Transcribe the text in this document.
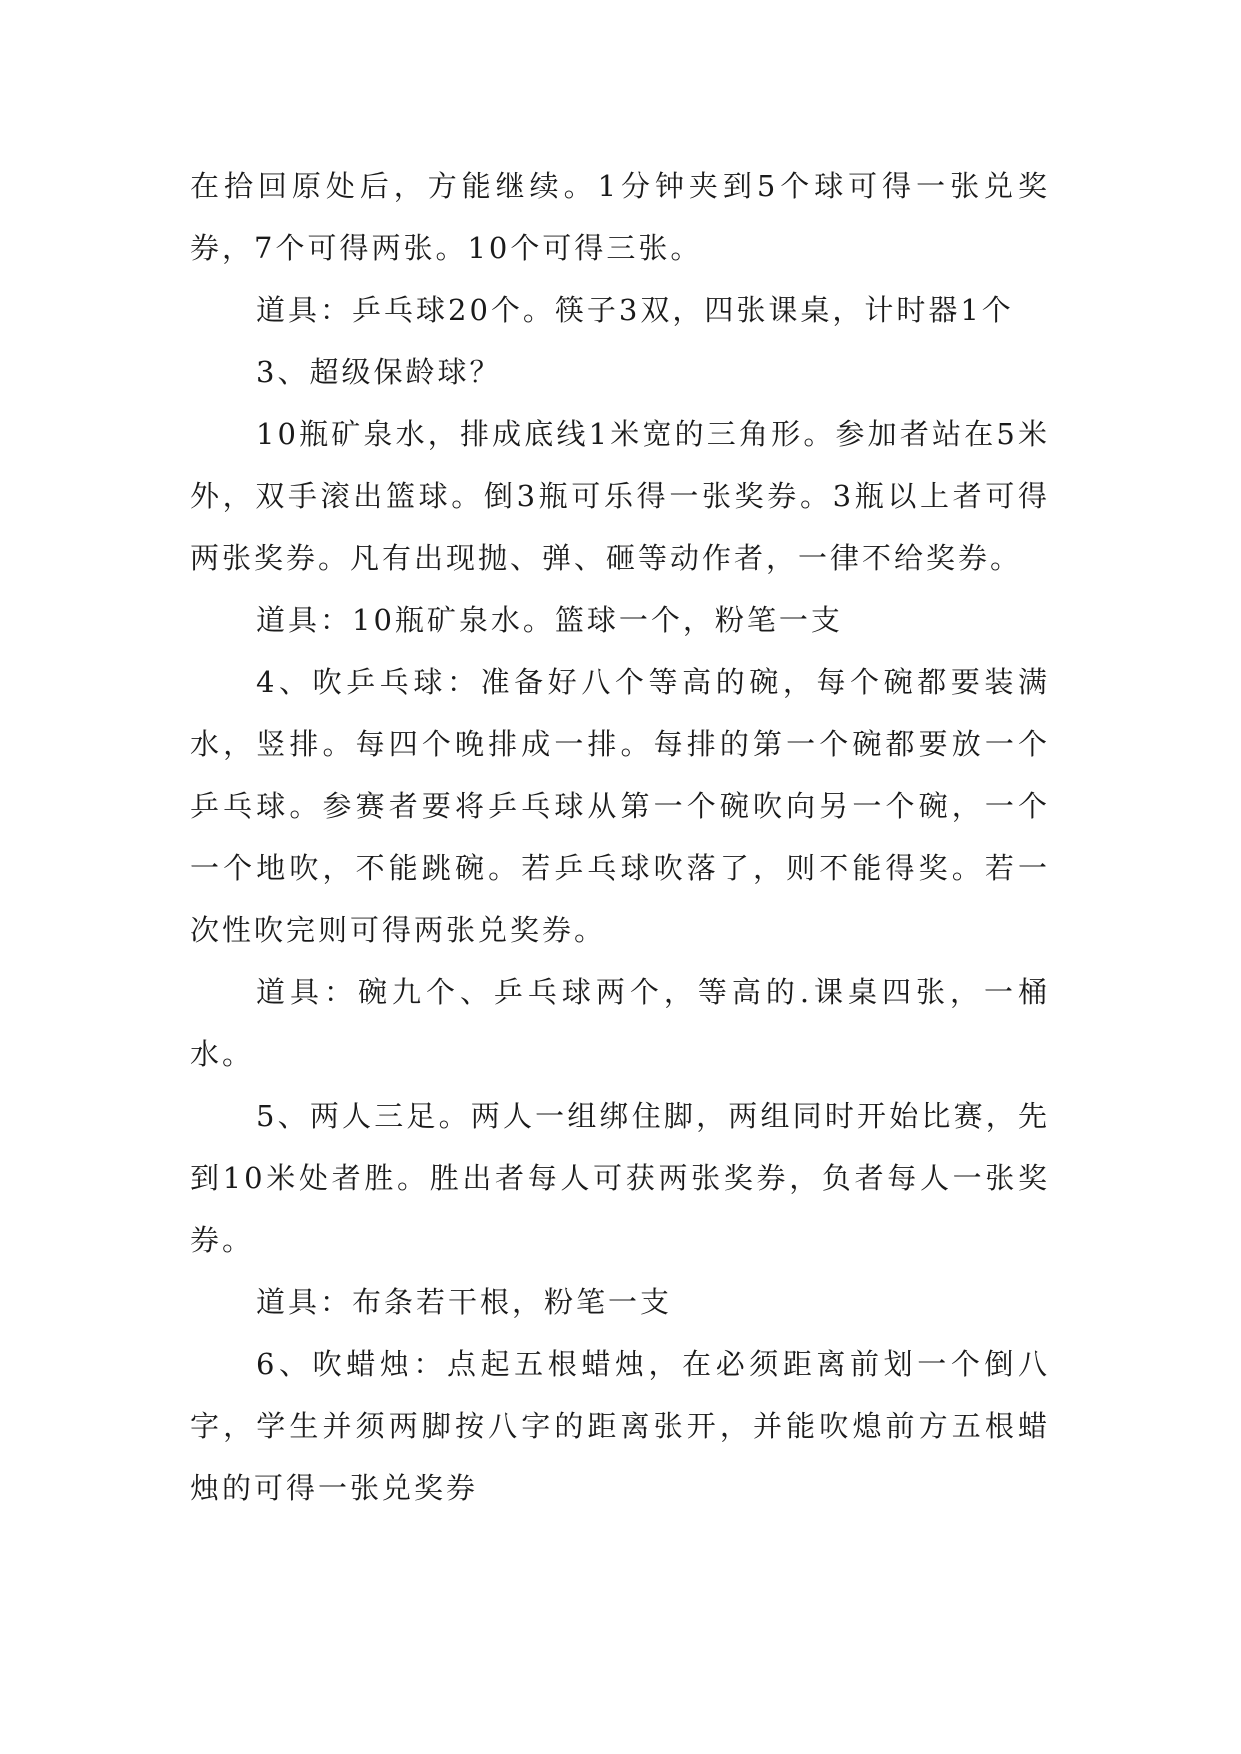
在拾回原处后，方能继续。1分钟夹到5个球可得一张兑奖券，7个可得两张。10个可得三张。

道具：乒乓球20个。筷子3双，四张课桌，计时器1个

3、超级保龄球？

10瓶矿泉水，排成底线1米宽的三角形。参加者站在5米外，双手滚出篮球。倒3瓶可乐得一张奖券。3瓶以上者可得两张奖券。凡有出现抛、弹、砸等动作者，一律不给奖券。

道具：10瓶矿泉水。篮球一个，粉笔一支

4、吹乒乓球：准备好八个等高的碗，每个碗都要装满水，竖排。每四个晚排成一排。每排的第一个碗都要放一个乒乓球。参赛者要将乒乓球从第一个碗吹向另一个碗，一个一个地吹，不能跳碗。若乒乓球吹落了，则不能得奖。若一次性吹完则可得两张兑奖券。

道具：碗九个、乒乓球两个，等高的.课桌四张，一桶水。

5、两人三足。两人一组绑住脚，两组同时开始比赛，先到10米处者胜。胜出者每人可获两张奖券，负者每人一张奖券。

道具：布条若干根，粉笔一支

6、吹蜡烛：点起五根蜡烛，在必须距离前划一个倒八字，学生并须两脚按八字的距离张开，并能吹熄前方五根蜡烛的可得一张兑奖券
